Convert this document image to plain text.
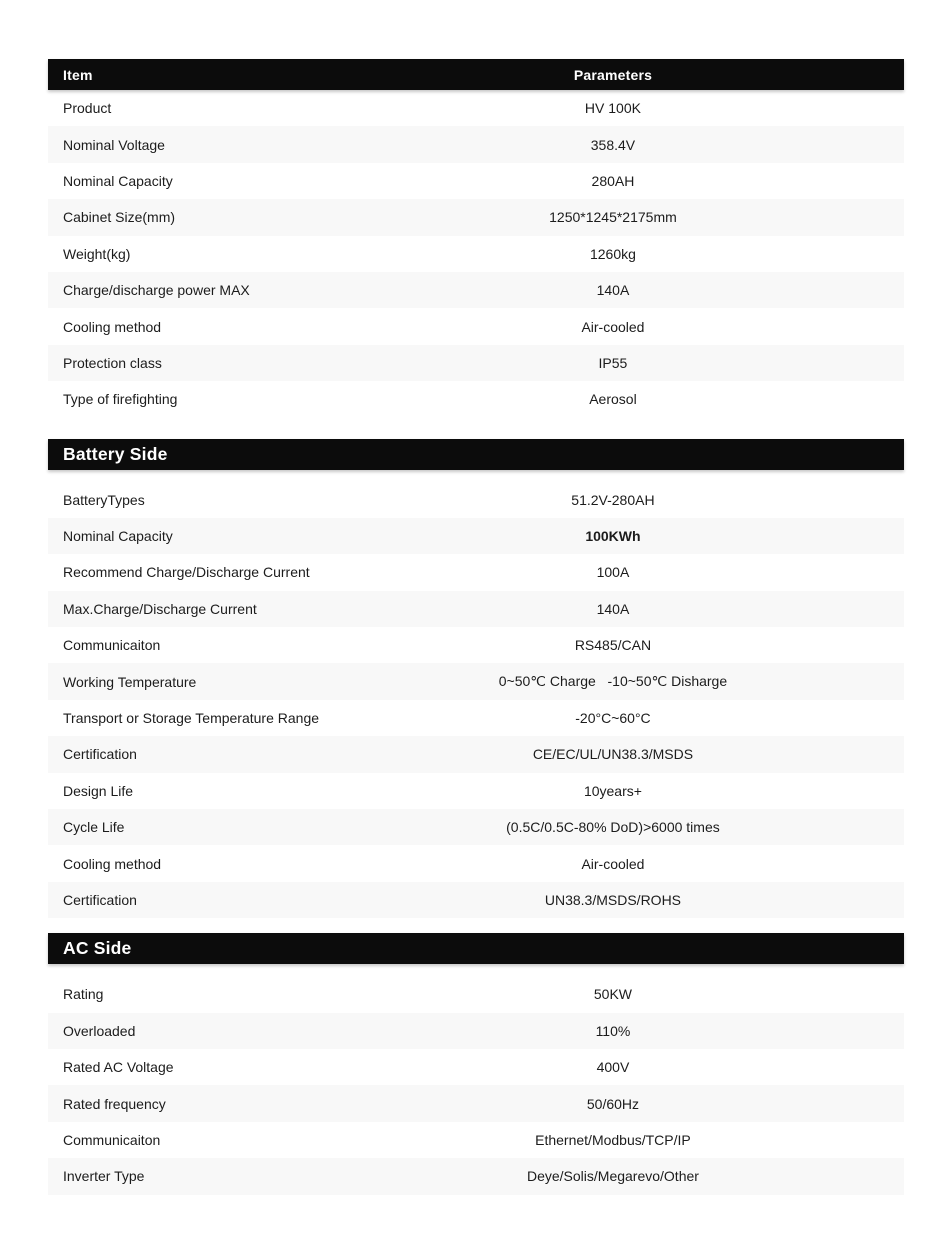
Item	Parameters
Product	HV 100K
Nominal Voltage	358.4V
Nominal Capacity	280AH
Cabinet Size(mm)	1250*1245*2175mm
Weight(kg)	1260kg
Charge/discharge power MAX	140A
Cooling method	Air-cooled
Protection class	IP55
Type of firefighting	Aerosol
Battery Side
BatteryTypes	51.2V-280AH
Nominal Capacity	100KWh
Recommend Charge/Discharge Current	100A
Max.Charge/Discharge Current	140A
Communicaiton	RS485/CAN
Working Temperature	0~50℃ Charge   -10~50℃ Disharge
Transport or Storage Temperature Range	-20°C~60°C
Certification	CE/EC/UL/UN38.3/MSDS
Design Life	10years+
Cycle Life	(0.5C/0.5C-80% DoD)>6000 times
Cooling method	Air-cooled
Certification	UN38.3/MSDS/ROHS
AC Side
Rating	50KW
Overloaded	110%
Rated AC Voltage	400V
Rated frequency	50/60Hz
Communicaiton	Ethernet/Modbus/TCP/IP
Inverter Type	Deye/Solis/Megarevo/Other
